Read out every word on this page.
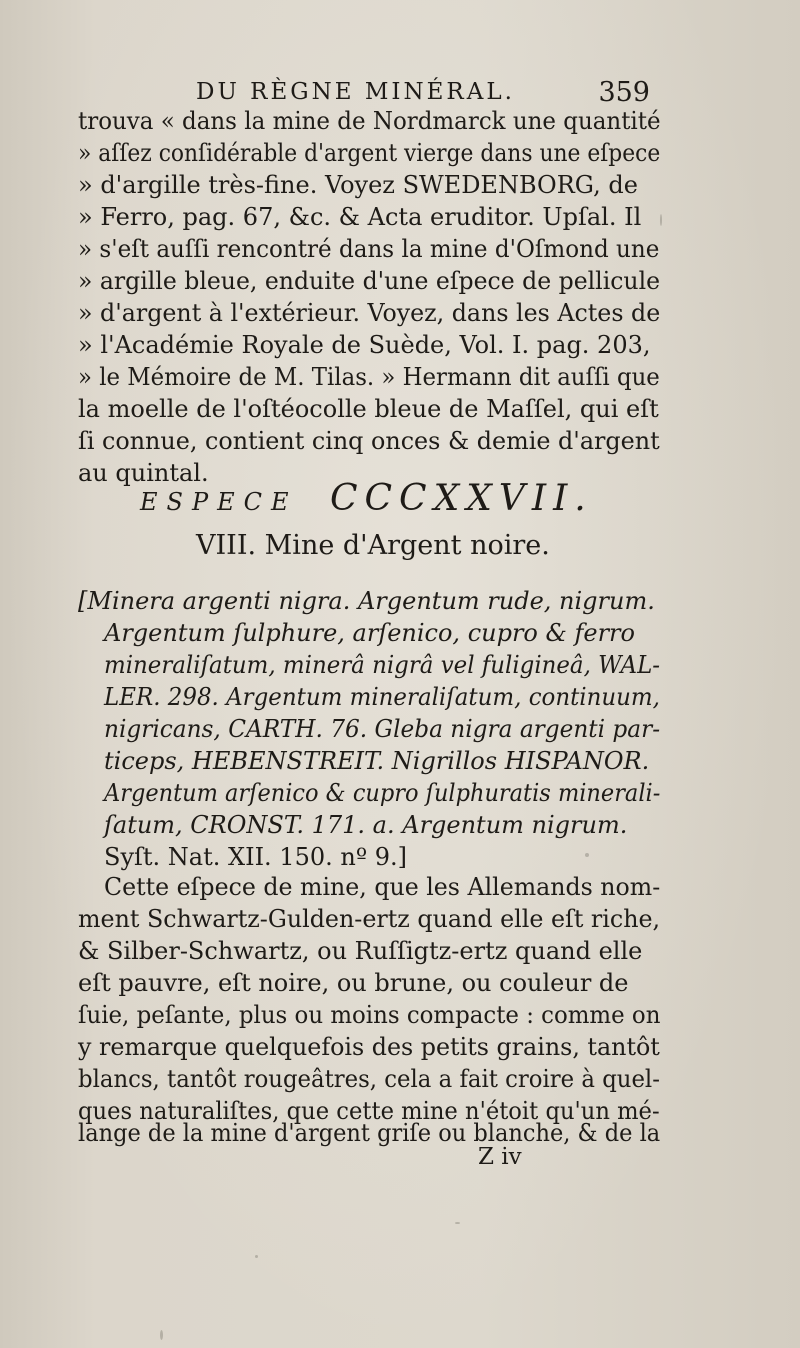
DU RÈGNE MINÉRAL.	359
trouva « dans la mine de Nordmarck une quantité
» aſſez conſidérable d'argent vierge dans une eſpece
» d'argille très-fine. Voyez SWEDENBORG, de
» Ferro, pag. 67, &c. & Acta eruditor. Upſal. Il
» s'eſt auſſi rencontré dans la mine d'Oſmond une
» argille bleue, enduite d'une eſpece de pellicule
» d'argent à l'extérieur. Voyez, dans les Actes de
» l'Académie Royale de Suède, Vol. I. pag. 203,
» le Mémoire de M. Tilas. » Hermann dit auſſi que
la moelle de l'oſtéocolle bleue de Maſſel, qui eſt
ſi connue, contient cinq onces & demie d'argent
au quintal.
ESPECE CCCXXVII.
VIII. Mine d'Argent noire.
[Minera argenti nigra. Argentum rude, nigrum.
Argentum ſulphure, arſenico, cupro & ferro
mineraliſatum, minerâ nigrâ vel fuligineâ, WAL-
LER. 298. Argentum mineraliſatum, continuum,
nigricans, CARTH. 76. Gleba nigra argenti par-
ticeps, HEBENSTREIT. Nigrillos HISPANOR.
Argentum arſenico & cupro ſulphuratis minerali-
ſatum, CRONST. 171. a. Argentum nigrum.
Syſt. Nat. XII. 150. nº 9.]
Cette eſpece de mine, que les Allemands nom-
ment Schwartz-Gulden-ertz quand elle eſt riche,
& Silber-Schwartz, ou Ruſſigtz-ertz quand elle
eſt pauvre, eſt noire, ou brune, ou couleur de
ſuie, peſante, plus ou moins compacte : comme on
y remarque quelquefois des petits grains, tantôt
blancs, tantôt rougeâtres, cela a fait croire à quel-
ques naturaliſtes, que cette mine n'étoit qu'un mé-
lange de la mine d'argent griſe ou blanche, & de la
Z iv
